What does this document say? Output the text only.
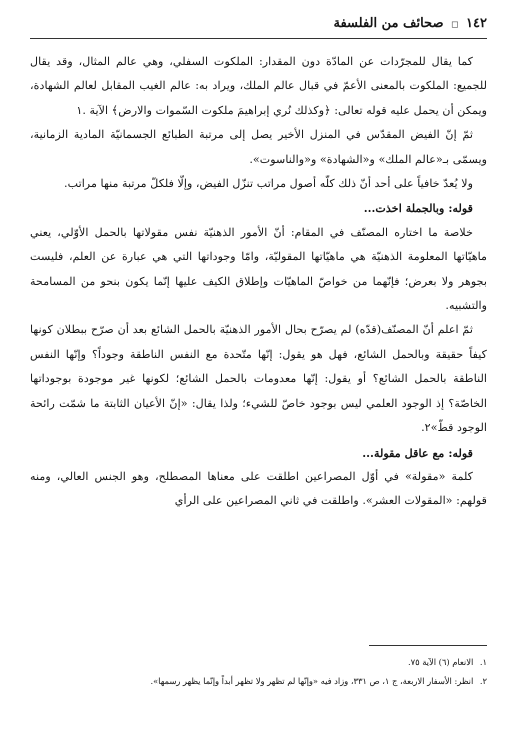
١٤٢ ◻ صحائف من الفلسفة

كما يقال للمجرّدات عن المادّة دون المقدار: الملكوت السفلي، وهي عالم المثال، وقد يقال للجميع: الملكوت بالمعنى الأعمّ في قبال عالم الملك، ويراد به: عالم الغيب المقابل لعالم الشهادة، ويمكن أن يحمل عليه قوله تعالى: ﴿وكذلك نُري إبراهيمَ ملكوت السّموات والارض﴾ الآية .١

ثمّ إنّ الفيض المقدّس في المنزل الأخير يصل إلى مرتبة الطبائع الجسمانيّة المادية الزمانية، ويسمّى بـ«عالم الملك» و«الشهادة» و«والناسوت».

ولا يُعدّ خافياً على أحد أنّ ذلك كلّه أصول مراتب تنزّل الفيض، وإلّا فلكلّ مرتبة منها مراتب.

قوله: وبالجملة اخذت...

خلاصة ما اختاره المصنّف في المقام: أنّ الأمور الذهنيّة نفس مقولاتها بالحمل الأوّلي، يعني ماهيّاتها المعلومة الذهنيّة هي ماهيّاتها المقوليّة، وامّا وجوداتها التي هي عبارة عن العلم، فليست بجوهر ولا بعرض؛ فإنّهما من خواصّ الماهيّات وإطلاق الكيف عليها إنّما يكون بنحو من المسامحة والتشبيه.

ثمّ اعلم أنّ المصنّف(قدّه) لم يصرّح بحال الأمور الذهنيّة بالحمل الشائع بعد أن صرّح ببطلان كونها كيفاً حقيقة وبالحمل الشائع، فهل هو يقول: إنّها متّحدة مع النفس الناطقة وجوداً؟ وإنّها النفس الناطقة بالحمل الشائع؟ أو يقول: إنّها معدومات بالحمل الشائع؛ لكونها غير موجودة بوجوداتها الخاصّة؟ إذ الوجود العلمي ليس بوجود خاصّ للشيء؛ ولذا يقال: «إنّ الأعيان الثابتة ما شمّت رائحة الوجود قطّ»٢.

قوله: مع عاقل مقولة...

كلمة «مقولة» في أوّل المصراعين اطلقت على معناها المصطلح، وهو الجنس العالي، ومنه قولهم: «المقولات العشر». واطلقت في ثاني المصراعين على الرأي

١. الانعام (٦) الآية ٧٥.

٢. انظر: الأسفار الاربعة، ج ١، ص ٣٣١، وزاد فيه «وإنّها لم تظهر ولا تظهر أبداً وإنّما يظهر رسمها».
